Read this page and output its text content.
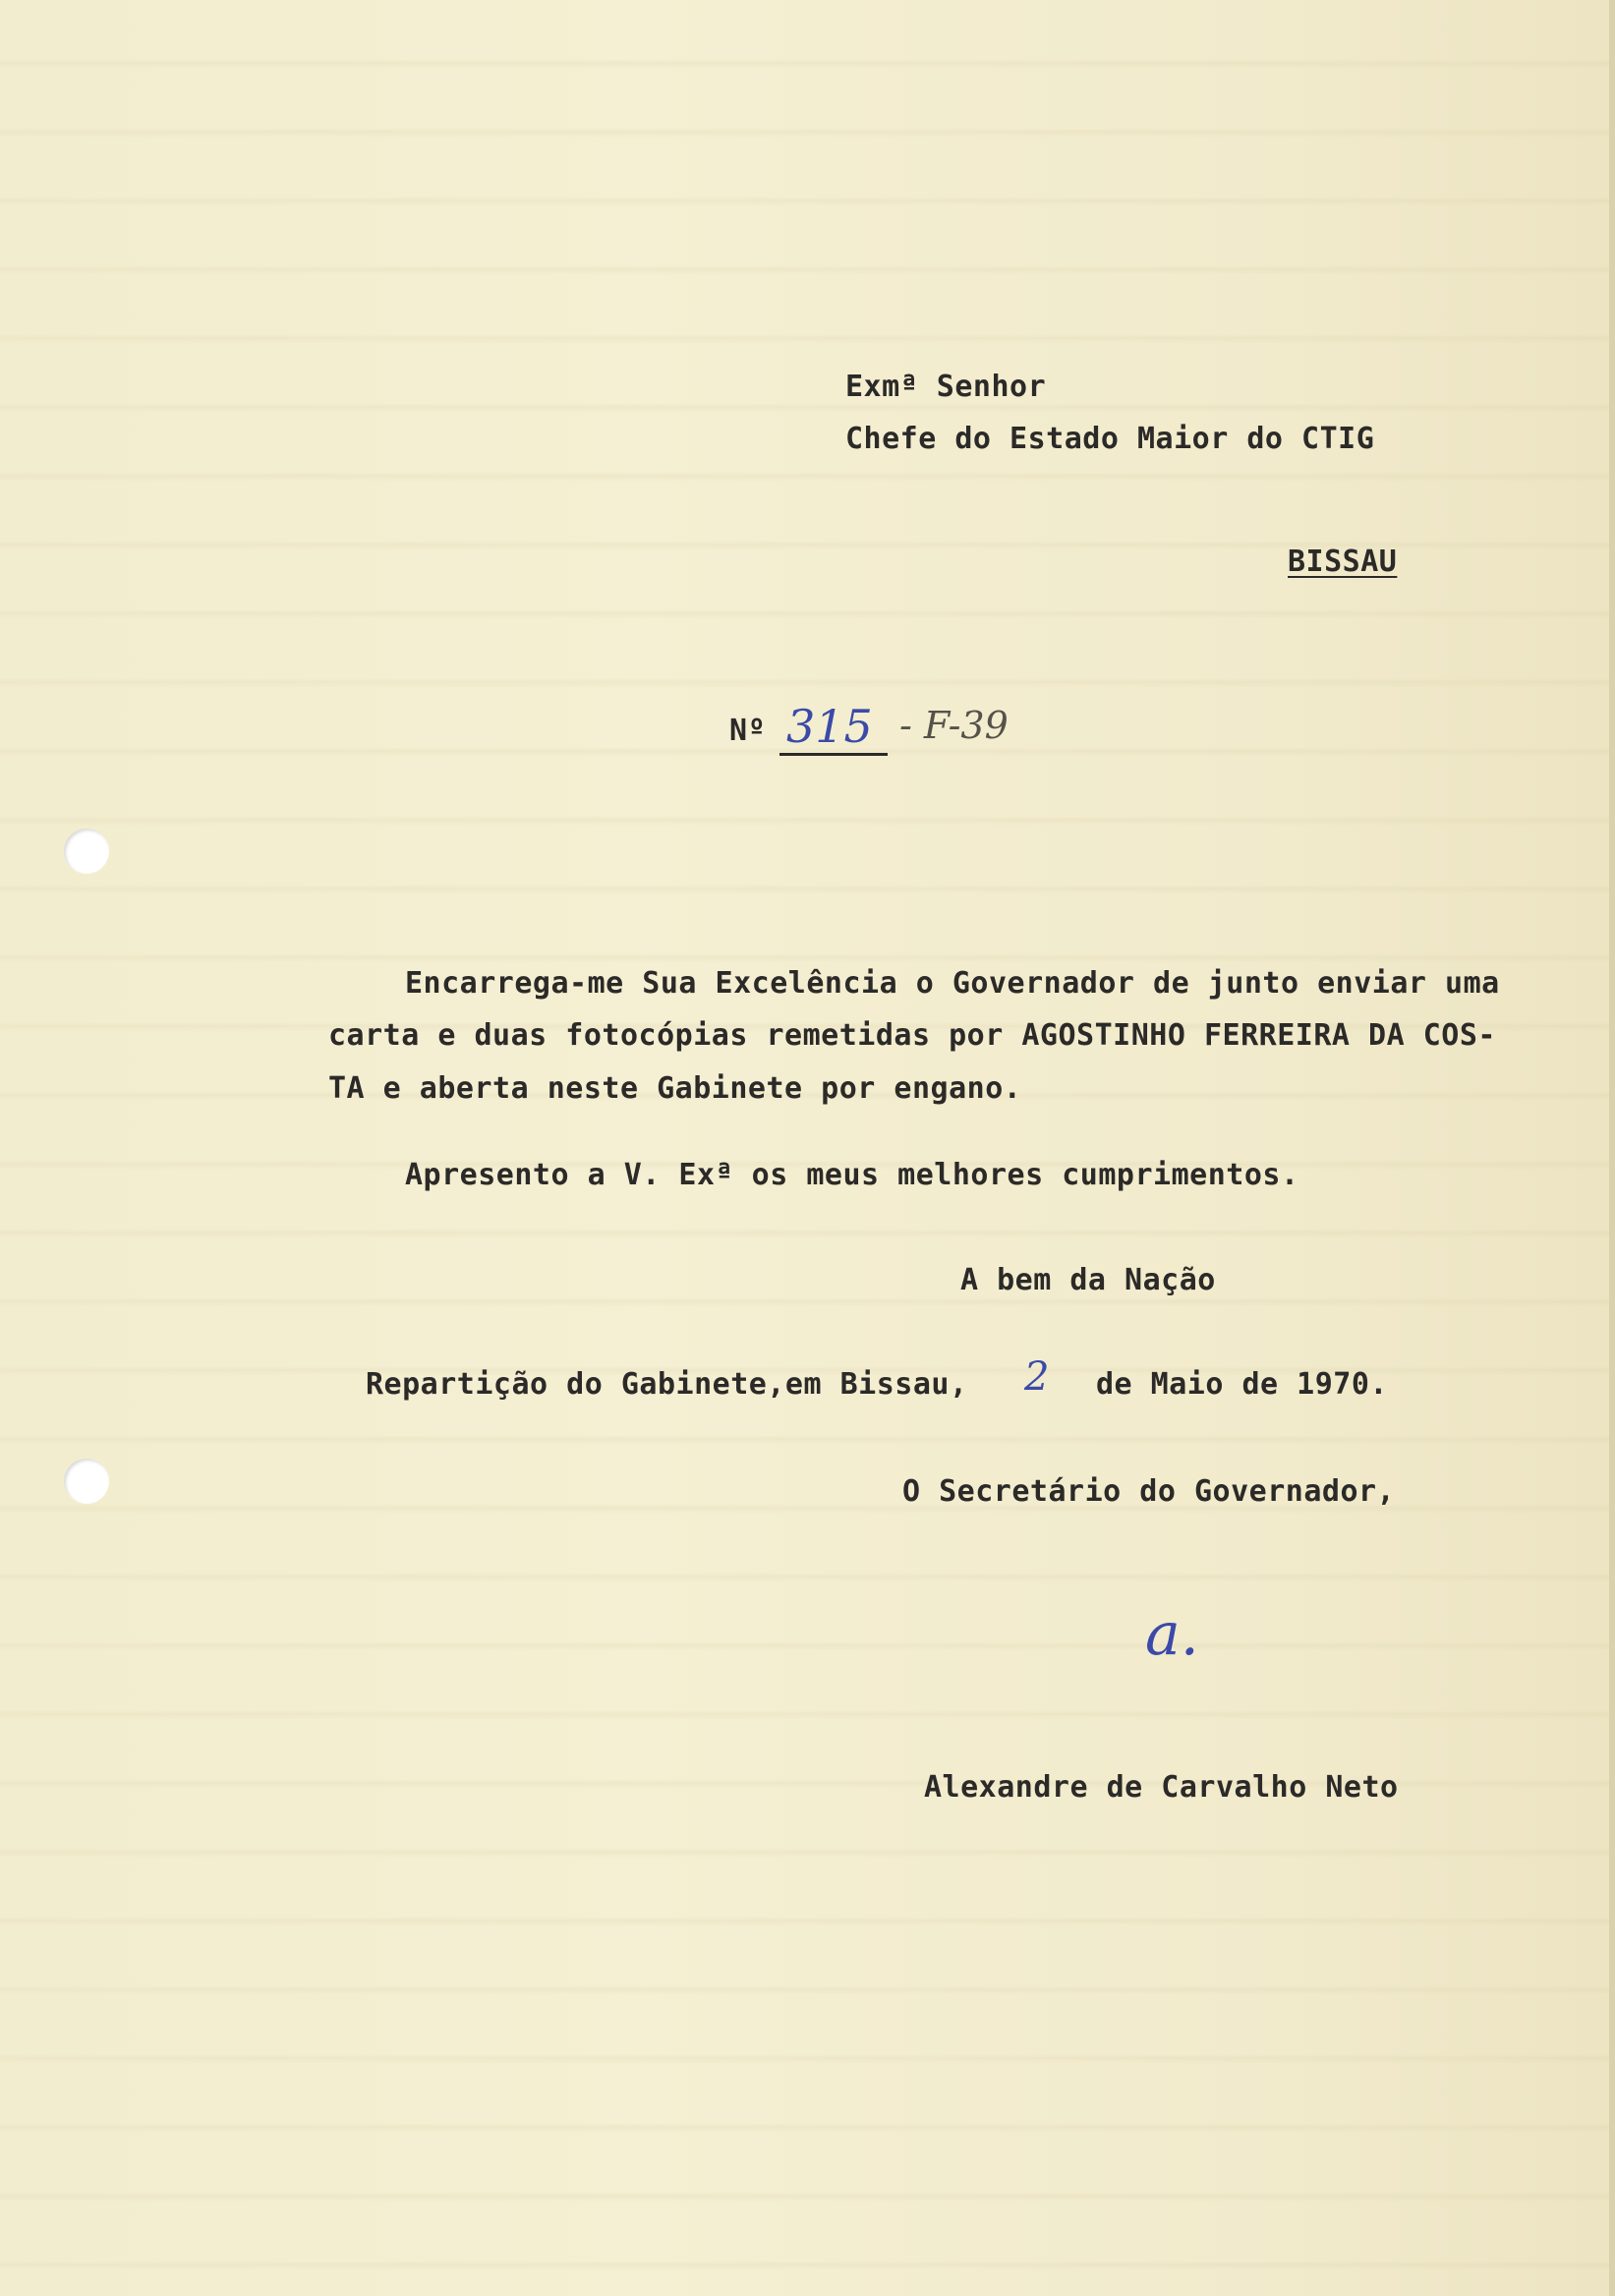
Exmª Senhor

Chefe do Estado Maior do CTIG

BISSAU

Nº 315 - F-39

Encarrega-me Sua Excelência o Governador de junto enviar uma

carta e duas fotocópias remetidas por AGOSTINHO FERREIRA DA COS-

TA e aberta neste Gabinete por engano.

Apresento a V. Exª os meus melhores cumprimentos.

A bem da Nação

Repartição do Gabinete,em Bissau, 2 de Maio de 1970.

O Secretário do Governador,

a.

Alexandre de Carvalho Neto
